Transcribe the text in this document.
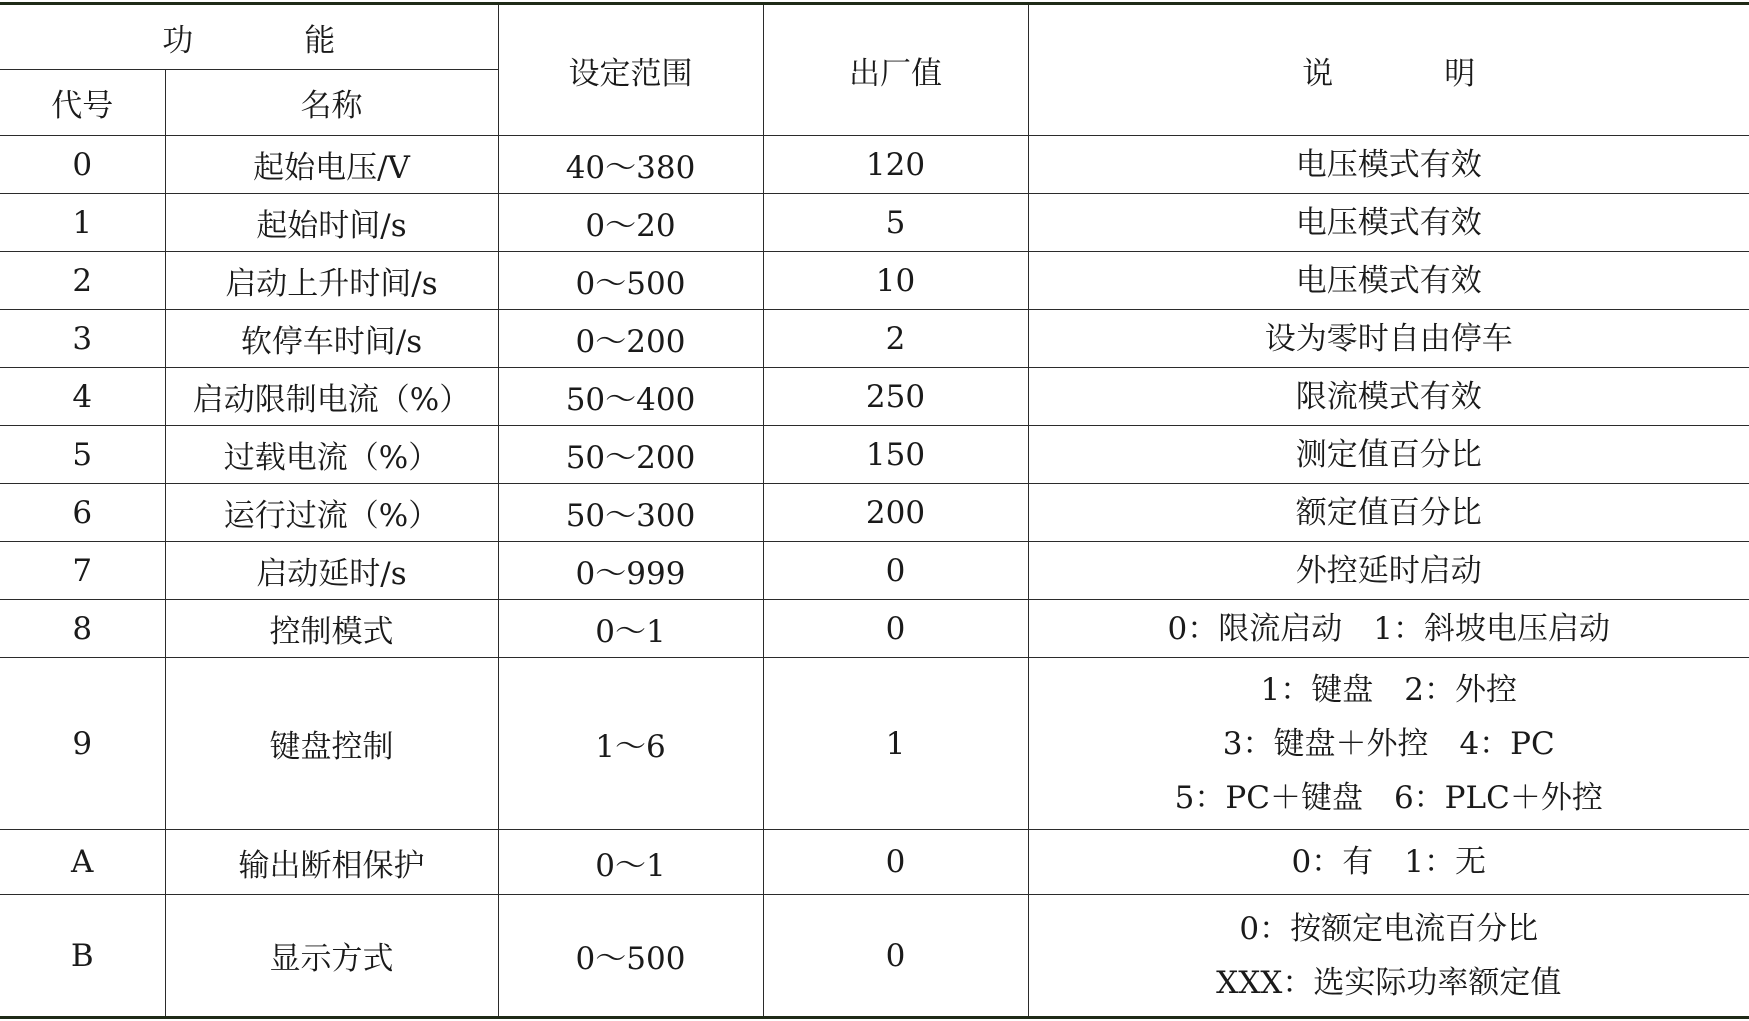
功　能		设定范围	出厂值	说　明
代号	名称			
0	起始电压/V	40～380	120	电压模式有效

1	起始时间/s	0～20	5	电压模式有效

2	启动上升时间/s	0～500	10	电压模式有效

3	软停车时间/s	0～200	2	设为零时自由停车

4	启动限制电流（%）	50～400	250	限流模式有效

5	过载电流（%）	50～200	150	测定值百分比

6	运行过流（%）	50～300	200	额定值百分比

7	启动延时/s	0～999	0	外控延时启动

8	控制模式	0～1	0	0：限流启动　1：斜坡电压启动

9	键盘控制	1～6	1	1：键盘　2：外控
3：键盘＋外控　4：PC
5：PC＋键盘　6：PLC＋外控

A	输出断相保护	0～1	0	0：有　1：无

B	显示方式	0～500	0	0：按额定电流百分比
XXX：选实际功率额定值
